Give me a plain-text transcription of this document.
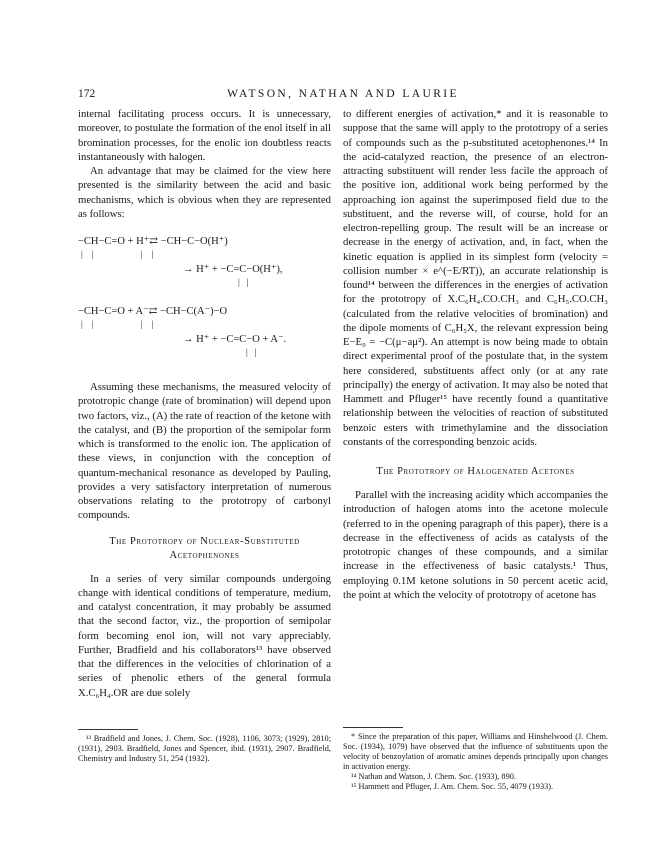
172	WATSON, NATHAN AND LAURIE

internal facilitating process occurs. It is unnecessary, moreover, to postulate the formation of the enol itself in all bromination processes, for the enolic ion doubtless reacts instantaneously with halogen.

An advantage that may be claimed for the view here presented is the similarity between the acid and basic mechanisms, which is obvious when they are represented as follows:

−CH−C=O + H⁺⇄ −CH−C−O(H⁺)
|    |                     |    |
→ H⁺ + −C=C−O(H⁺),
|   |
−CH−C=O + A⁻⇄ −CH−C(A⁻)−O
|    |                     |    |
→ H⁺ + −C=C−O + A⁻.
|   |

Assuming these mechanisms, the measured velocity of prototropic change (rate of bromination) will depend upon two factors, viz., (A) the rate of reaction of the ketone with the catalyst, and (B) the proportion of the semipolar form which is transformed to the enolic ion. The application of these views, in conjunction with the conception of quantum-mechanical resonance as developed by Pauling, provides a very satisfactory interpretation of numerous observations relating to the prototropy of carbonyl compounds.

The Prototropy of Nuclear-Substituted Acetophenones

In a series of very similar compounds undergoing change with identical conditions of temperature, medium, and catalyst concentration, it may probably be assumed that the second factor, viz., the proportion of semipolar form becoming enol ion, will not vary appreciably. Further, Bradfield and his collaborators¹³ have observed that the differences in the velocities of chlorination of a series of phenolic ethers of the general formula X.C₆H₄.OR are due solely

¹³ Bradfield and Jones, J. Chem. Soc. (1928), 1106, 3073; (1929), 2810; (1931), 2903. Bradfield, Jones and Spencer, ibid. (1931), 2907. Bradfield, Chemistry and Industry 51, 254 (1932).

to different energies of activation,* and it is reasonable to suppose that the same will apply to the prototropy of a series of compounds such as the p-substituted acetophenones.¹⁴ In the acid-catalyzed reaction, the presence of an electron-attracting substituent will render less facile the approach of the positive ion, additional work being performed by the approaching ion against the superimposed field due to the substituent, and the reverse will, of course, hold for an electron-repelling group. The result will be an increase or decrease in the energy of activation, and, in fact, when the kinetic equation is applied in its simplest form (velocity = collision number × e^(−E/RT)), an accurate relationship is found¹⁴ between the differences in the energies of activation for the prototropy of X.C₆H₄.CO.CH₃ and C₆H₅.CO.CH₃ (calculated from the relative velocities of bromination) and the dipole moments of C₆H₅X, the relevant expression being E−E₀ = −C(μ−aμ²). An attempt is now being made to obtain direct experimental proof of the postulate that, in the system here considered, substituents affect only (or at any rate principally) the energy of activation. It may also be noted that Hammett and Pfluger¹⁵ have recently found a quantitative relationship between the velocities of reaction of substituted benzoic esters with trimethylamine and the dissociation constants of the corresponding benzoic acids.

The Prototropy of Halogenated Acetones

Parallel with the increasing acidity which accompanies the introduction of halogen atoms into the acetone molecule (referred to in the opening paragraph of this paper), there is a decrease in the effectiveness of acids as catalysts of the prototropic changes of these compounds, and a similar increase in the effectiveness of basic catalysts.¹ Thus, employing 0.1M ketone solutions in 50 percent acetic acid, the point at which the velocity of prototropy of acetone has

* Since the preparation of this paper, Williams and Hinshelwood (J. Chem. Soc. (1934), 1079) have observed that the influence of substituents upon the velocity of benzoylation of aromatic amines depends principally upon changes in activation energy.

¹⁴ Nathan and Watson, J. Chem. Soc. (1933), 890.

¹⁵ Hammett and Pfluger, J. Am. Chem. Soc. 55, 4079 (1933).
